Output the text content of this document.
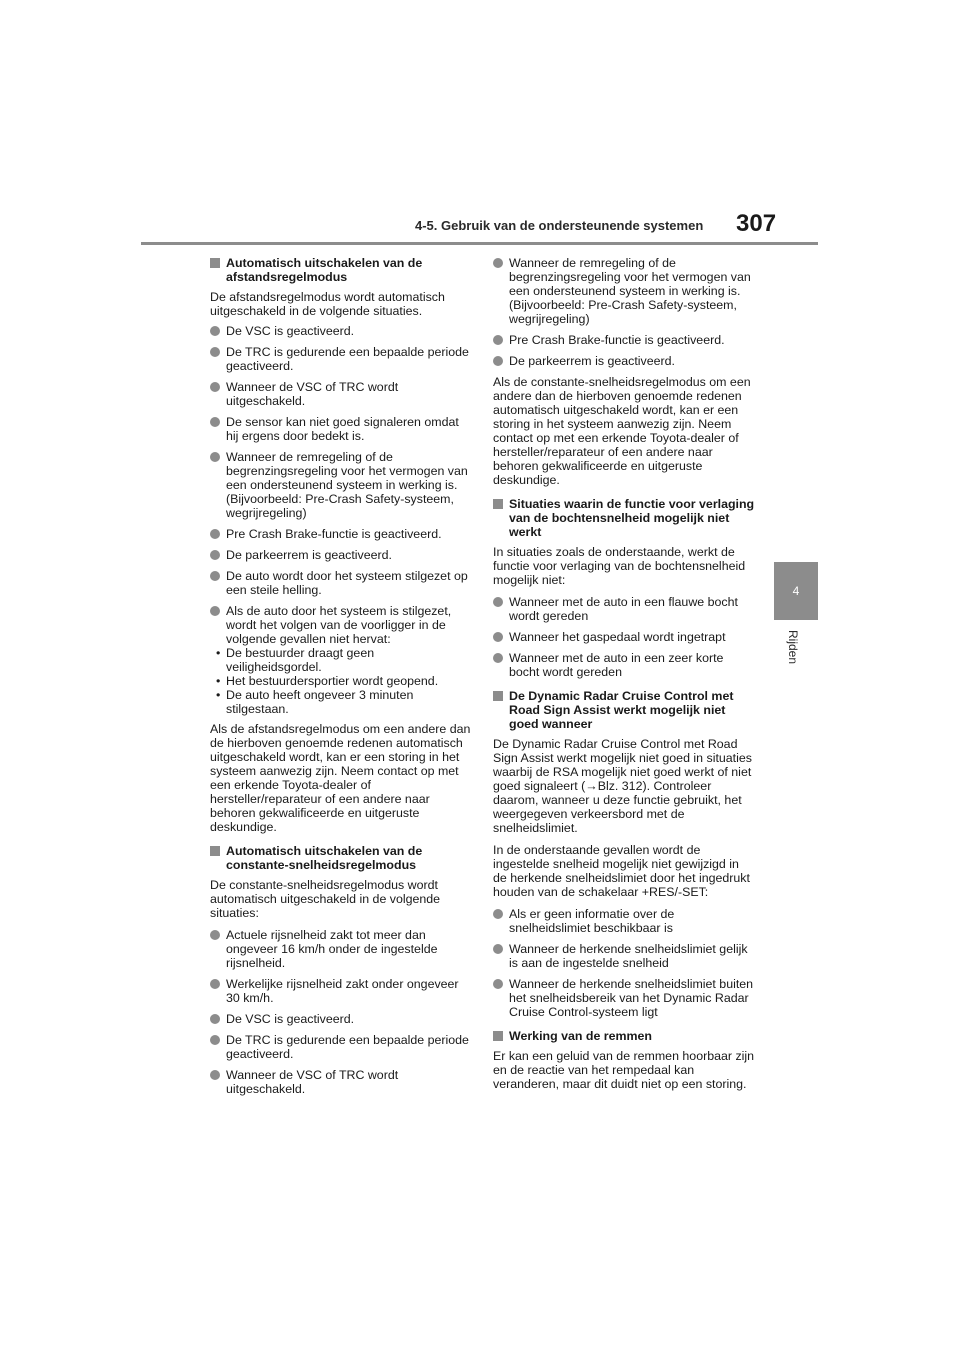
4-5. Gebruik van de ondersteunende systemen 307
4
Rijden
Automatisch uitschakelen van de afstandsregelmodus
De afstandsregelmodus wordt automatisch uitgeschakeld in de volgende situaties.
De VSC is geactiveerd.
De TRC is gedurende een bepaalde periode geactiveerd.
Wanneer de VSC of TRC wordt uitgeschakeld.
De sensor kan niet goed signaleren omdat hij ergens door bedekt is.
Wanneer de remregeling of de begrenzingsregeling voor het vermogen van een ondersteunend systeem in werking is. (Bijvoorbeeld: Pre-Crash Safety-systeem, wegrijregeling)
Pre Crash Brake-functie is geactiveerd.
De parkeerrem is geactiveerd.
De auto wordt door het systeem stilgezet op een steile helling.
Als de auto door het systeem is stilgezet, wordt het volgen van de voorligger in de volgende gevallen niet hervat:
• De bestuurder draagt geen veiligheidsgordel.
• Het bestuurdersportier wordt geopend.
• De auto heeft ongeveer 3 minuten stilgestaan.
Als de afstandsregelmodus om een andere dan de hierboven genoemde redenen automatisch uitgeschakeld wordt, kan er een storing in het systeem aanwezig zijn. Neem contact op met een erkende Toyota-dealer of hersteller/reparateur of een andere naar behoren gekwalificeerde en uitgeruste deskundige.
Automatisch uitschakelen van de constante-snelheidsregelmodus
De constante-snelheidsregelmodus wordt automatisch uitgeschakeld in de volgende situaties:
Actuele rijsnelheid zakt tot meer dan ongeveer 16 km/h onder de ingestelde rijsnelheid.
Werkelijke rijsnelheid zakt onder ongeveer 30 km/h.
De VSC is geactiveerd.
De TRC is gedurende een bepaalde periode geactiveerd.
Wanneer de VSC of TRC wordt uitgeschakeld.
Wanneer de remregeling of de begrenzingsregeling voor het vermogen van een ondersteunend systeem in werking is. (Bijvoorbeeld: Pre-Crash Safety-systeem, wegrijregeling)
Pre Crash Brake-functie is geactiveerd.
De parkeerrem is geactiveerd.
Als de constante-snelheidsregelmodus om een andere dan de hierboven genoemde redenen automatisch uitgeschakeld wordt, kan er een storing in het systeem aanwezig zijn. Neem contact op met een erkende Toyota-dealer of hersteller/reparateur of een andere naar behoren gekwalificeerde en uitgeruste deskundige.
Situaties waarin de functie voor verlaging van de bochtensnelheid mogelijk niet werkt
In situaties zoals de onderstaande, werkt de functie voor verlaging van de bochtensnelheid mogelijk niet:
Wanneer met de auto in een flauwe bocht wordt gereden
Wanneer het gaspedaal wordt ingetrapt
Wanneer met de auto in een zeer korte bocht wordt gereden
De Dynamic Radar Cruise Control met Road Sign Assist werkt mogelijk niet goed wanneer
De Dynamic Radar Cruise Control met Road Sign Assist werkt mogelijk niet goed in situaties waarbij de RSA mogelijk niet goed werkt of niet goed signaleert (→Blz. 312). Controleer daarom, wanneer u deze functie gebruikt, het weergegeven verkeersbord met de snelheidslimiet.
In de onderstaande gevallen wordt de ingestelde snelheid mogelijk niet gewijzigd in de herkende snelheidslimiet door het ingedrukt houden van de schakelaar +RES/-SET:
Als er geen informatie over de snelheidslimiet beschikbaar is
Wanneer de herkende snelheidslimiet gelijk is aan de ingestelde snelheid
Wanneer de herkende snelheidslimiet buiten het snelheidsbereik van het Dynamic Radar Cruise Control-systeem ligt
Werking van de remmen
Er kan een geluid van de remmen hoorbaar zijn en de reactie van het rempedaal kan veranderen, maar dit duidt niet op een storing.
